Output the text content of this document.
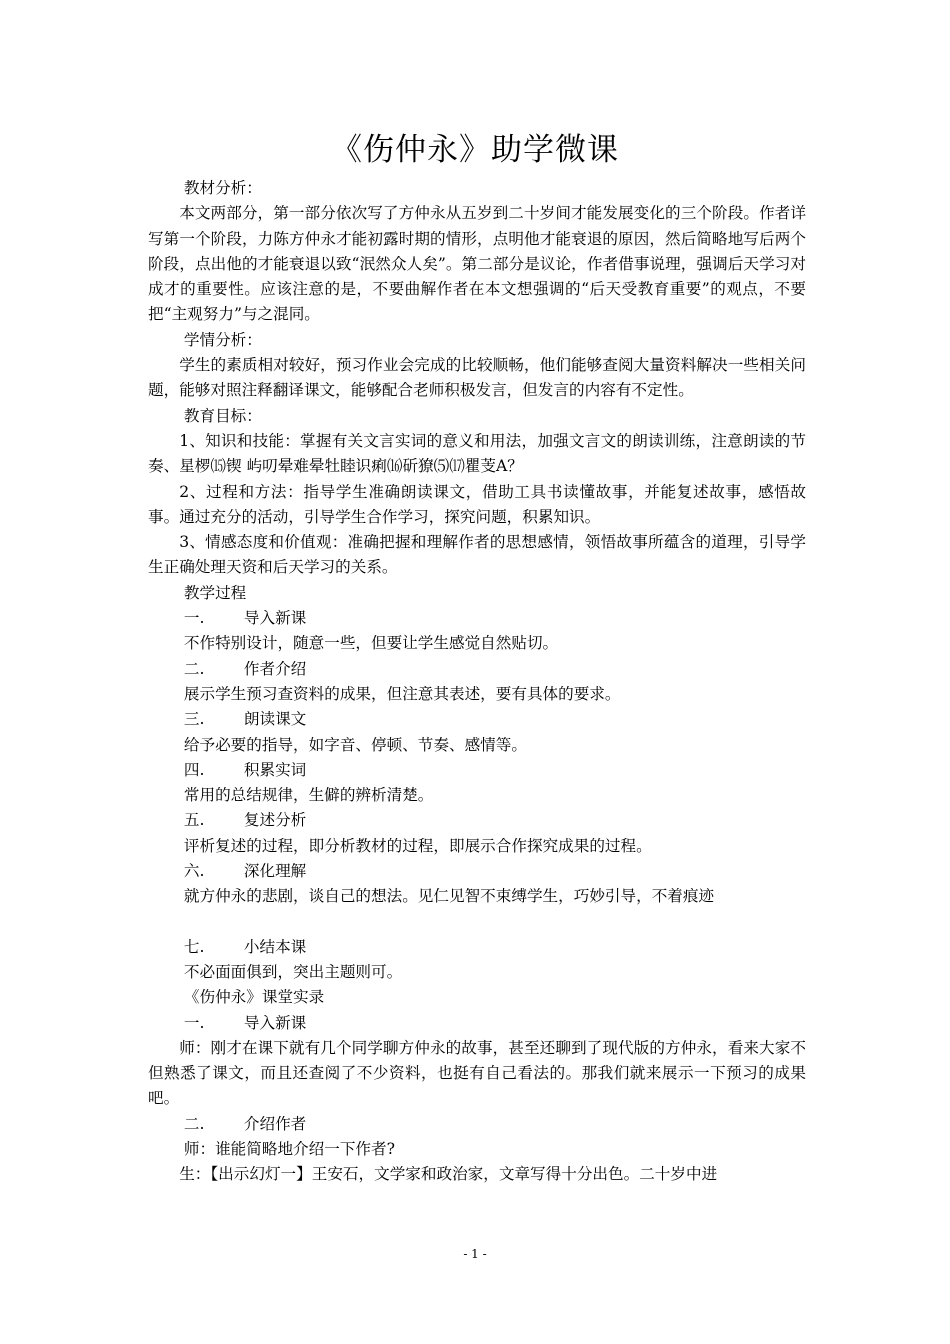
《伤仲永》助学微课
教材分析：
本文两部分，第一部分依次写了方仲永从五岁到二十岁间才能发展变化的三个阶段。作者详写第一个阶段，力陈方仲永才能初露时期的情形，点明他才能衰退的原因，然后简略地写后两个阶段，点出他的才能衰退以致“泯然众人矣”。第二部分是议论，作者借事说理，强调后天学习对成才的重要性。应该注意的是，不要曲解作者在本文想强调的“后天受教育重要”的观点，不要把“主观努力”与之混同。
学情分析：
学生的素质相对较好，预习作业会完成的比较顺畅，他们能够查阅大量资料解决一些相关问题，能够对照注释翻译课文，能够配合老师积极发言，但发言的内容有不定性。
教育目标：
1、知识和技能：掌握有关文言实词的意义和用法，加强文言文的朗读训练，注意朗读的节奏、星椤⒂锲 屿叨晕难晕牡睦识痢⒃斫獠⑸⒄瞿芰Α？
2、过程和方法：指导学生准确朗读课文，借助工具书读懂故事，并能复述故事，感悟故事。通过充分的活动，引导学生合作学习，探究问题，积累知识。
3、情感态度和价值观：准确把握和理解作者的思想感情，领悟故事所蕴含的道理，引导学生正确处理天资和后天学习的关系。
教学过程
一.	导入新课
不作特别设计，随意一些，但要让学生感觉自然贴切。
二.	作者介绍
展示学生预习查资料的成果，但注意其表述，要有具体的要求。
三.	朗读课文
给予必要的指导，如字音、停顿、节奏、感情等。
四.	积累实词
常用的总结规律，生僻的辨析清楚。
五.	复述分析
评析复述的过程，即分析教材的过程，即展示合作探究成果的过程。
六.	深化理解
就方仲永的悲剧，谈自己的想法。见仁见智不束缚学生，巧妙引导，不着痕迹
七.	小结本课
不必面面俱到，突出主题则可。
《伤仲永》课堂实录
一.	导入新课
师：刚才在课下就有几个同学聊方仲永的故事，甚至还聊到了现代版的方仲永，看来大家不但熟悉了课文，而且还查阅了不少资料，也挺有自己看法的。那我们就来展示一下预习的成果吧。
二.	介绍作者
师：谁能简略地介绍一下作者?
生：【出示幻灯一】王安石，文学家和政治家，文章写得十分出色。二十岁中进
- 1 -
